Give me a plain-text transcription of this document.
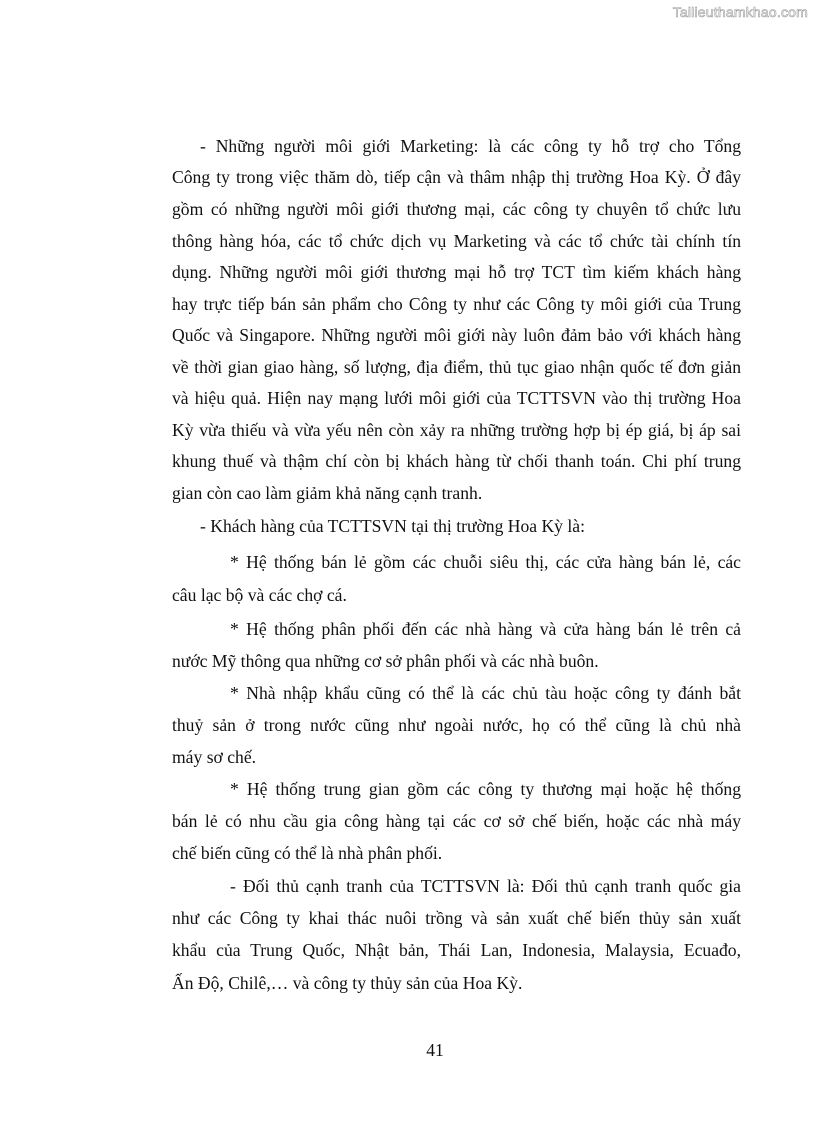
Tailieuthamkhao.com
- Những người môi giới Marketing: là các công ty hỗ trợ cho Tổng
Công ty trong việc thăm dò, tiếp cận và thâm nhập thị trường Hoa Kỳ. Ở đây
gồm có những người môi giới thương mại, các công ty chuyên tổ chức lưu
thông hàng hóa, các tổ chức dịch vụ Marketing và các tổ chức tài chính tín
dụng. Những người môi giới thương mại hỗ trợ TCT tìm kiếm khách hàng
hay trực tiếp bán sản phẩm cho Công ty như các Công ty môi giới của Trung
Quốc và Singapore. Những người môi giới này luôn đảm bảo với khách hàng
về thời gian giao hàng, số lượng, địa điểm, thủ tục giao nhận quốc tế đơn giản
và hiệu quả. Hiện nay mạng lưới môi giới của TCTTSVN vào thị trường Hoa
Kỳ vừa thiếu và vừa yếu nên còn xảy ra những trường hợp bị ép giá, bị áp sai
khung thuế và thậm chí còn bị khách hàng từ chối thanh toán. Chi phí trung
gian còn cao làm giảm khả năng cạnh tranh.
- Khách hàng của TCTTSVN tại thị trường Hoa Kỳ là:
* Hệ thống bán lẻ gồm các chuỗi siêu thị, các cửa hàng bán lẻ, các
câu lạc bộ và các chợ cá.
* Hệ thống phân phối đến các nhà hàng và cửa hàng bán lẻ trên cả
nước Mỹ thông qua những cơ sở phân phối và các nhà buôn.
* Nhà nhập khẩu cũng có thể là các chủ tàu hoặc công ty đánh bắt
thuỷ sản ở trong nước cũng như ngoài nước, họ có thể cũng là chủ nhà
máy sơ chế.
* Hệ thống trung gian gồm các công ty thương mại hoặc hệ thống
bán lẻ có nhu cầu gia công hàng tại các cơ sở chế biến, hoặc các nhà máy
chế biến cũng có thể là nhà phân phối.
- Đối thủ cạnh tranh của TCTTSVN là: Đối thủ cạnh tranh quốc gia
như các Công ty khai thác nuôi trồng và sản xuất chế biến thủy sản xuất
khẩu của Trung Quốc, Nhật bản, Thái Lan, Indonesia, Malaysia, Ecuađo,
Ấn Độ, Chilê,… và công ty thủy sản của Hoa Kỳ.
41
